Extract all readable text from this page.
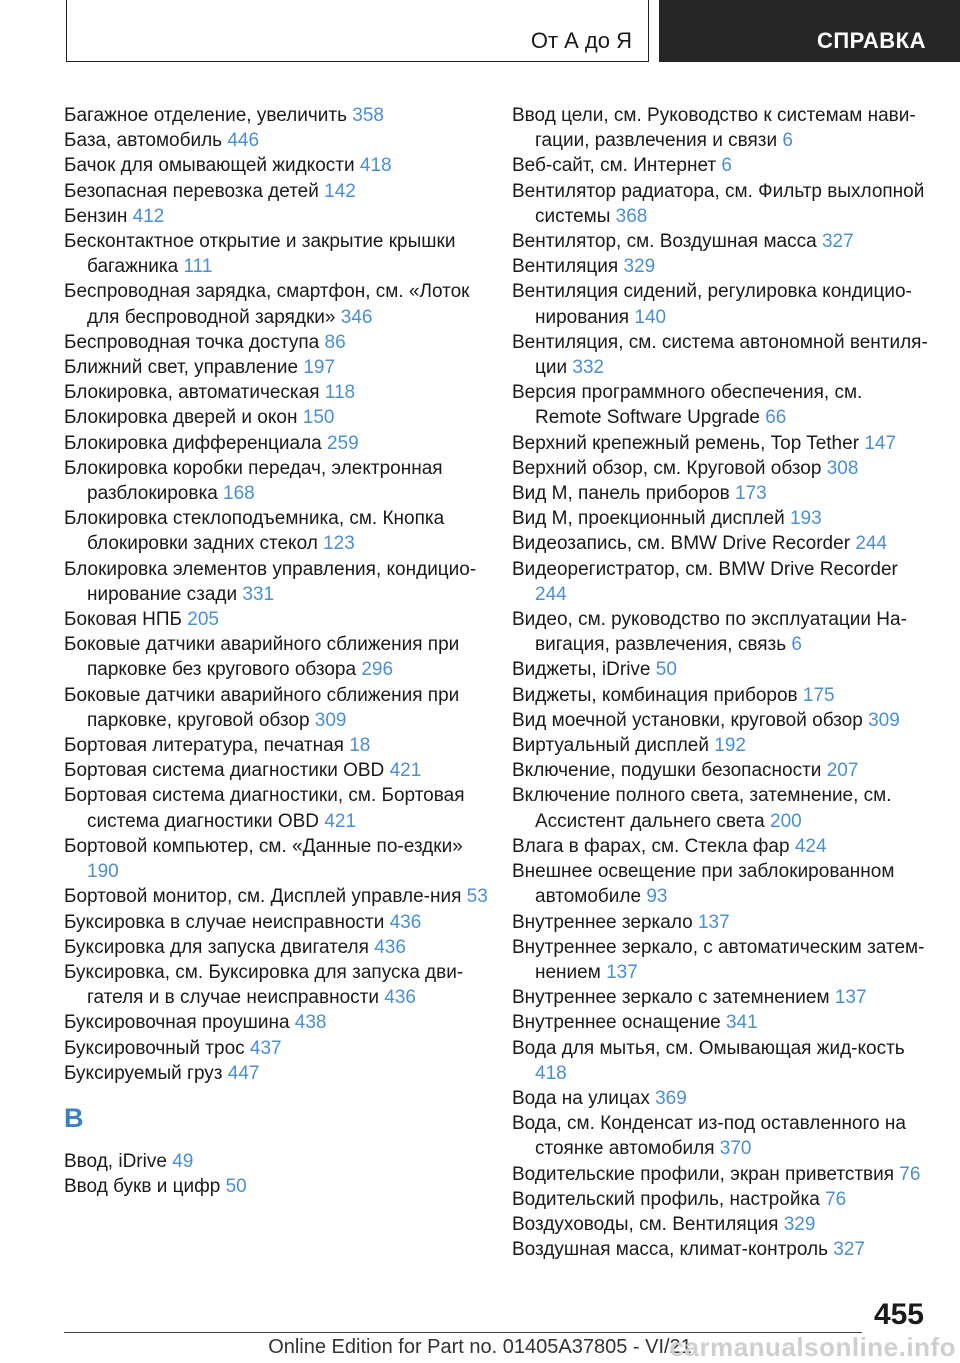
От А до Я	СПРАВКА
Багажное отделение, увеличить 358
База, автомобиль 446
Бачок для омывающей жидкости 418
Безопасная перевозка детей 142
Бензин 412
Бесконтактное открытие и закрытие крышки багажника 111
Беспроводная зарядка, смартфон, см. «Лоток для беспроводной зарядки» 346
Беспроводная точка доступа 86
Ближний свет, управление 197
Блокировка, автоматическая 118
Блокировка дверей и окон 150
Блокировка дифференциала 259
Блокировка коробки передач, электронная разблокировка 168
Блокировка стеклоподъемника, см. Кнопка блокировки задних стекол 123
Блокировка элементов управления, кондицио-нирование сзади 331
Боковая НПБ 205
Боковые датчики аварийного сближения при парковке без кругового обзора 296
Боковые датчики аварийного сближения при парковке, круговой обзор 309
Бортовая литература, печатная 18
Бортовая система диагностики OBD 421
Бортовая система диагностики, см. Бортовая система диагностики OBD 421
Бортовой компьютер, см. «Данные по-ездки» 190
Бортовой монитор, см. Дисплей управле-ния 53
Буксировка в случае неисправности 436
Буксировка для запуска двигателя 436
Буксировка, см. Буксировка для запуска дви-гателя и в случае неисправности 436
Буксировочная проушина 438
Буксировочный трос 437
Буксируемый груз 447
В
Ввод, iDrive 49
Ввод букв и цифр 50
Ввод цели, см. Руководство к системам нави-гации, развлечения и связи 6
Веб-сайт, см. Интернет 6
Вентилятор радиатора, см. Фильтр выхлопной системы 368
Вентилятор, см. Воздушная масса 327
Вентиляция 329
Вентиляция сидений, регулировка кондицио-нирования 140
Вентиляция, см. система автономной вентиля-ции 332
Версия программного обеспечения, см. Remote Software Upgrade 66
Верхний крепежный ремень, Top Tether 147
Верхний обзор, см. Круговой обзор 308
Вид M, панель приборов 173
Вид M, проекционный дисплей 193
Видеозапись, см. BMW Drive Recorder 244
Видеорегистратор, см. BMW Drive Recorder 244
Видео, см. руководство по эксплуатации На-вигация, развлечения, связь 6
Виджеты, iDrive 50
Виджеты, комбинация приборов 175
Вид моечной установки, круговой обзор 309
Виртуальный дисплей 192
Включение, подушки безопасности 207
Включение полного света, затемнение, см. Ассистент дальнего света 200
Влага в фарах, см. Стекла фар 424
Внешнее освещение при заблокированном автомобиле 93
Внутреннее зеркало 137
Внутреннее зеркало, с автоматическим затем-нением 137
Внутреннее зеркало с затемнением 137
Внутреннее оснащение 341
Вода для мытья, см. Омывающая жид-кость 418
Вода на улицах 369
Вода, см. Конденсат из-под оставленного на стоянке автомобиля 370
Водительские профили, экран приветствия 76
Водительский профиль, настройка 76
Воздуховоды, см. Вентиляция 329
Воздушная масса, климат-контроль 327
455
Online Edition for Part no. 01405A37805 - VI/21
carmanualsonline.info
